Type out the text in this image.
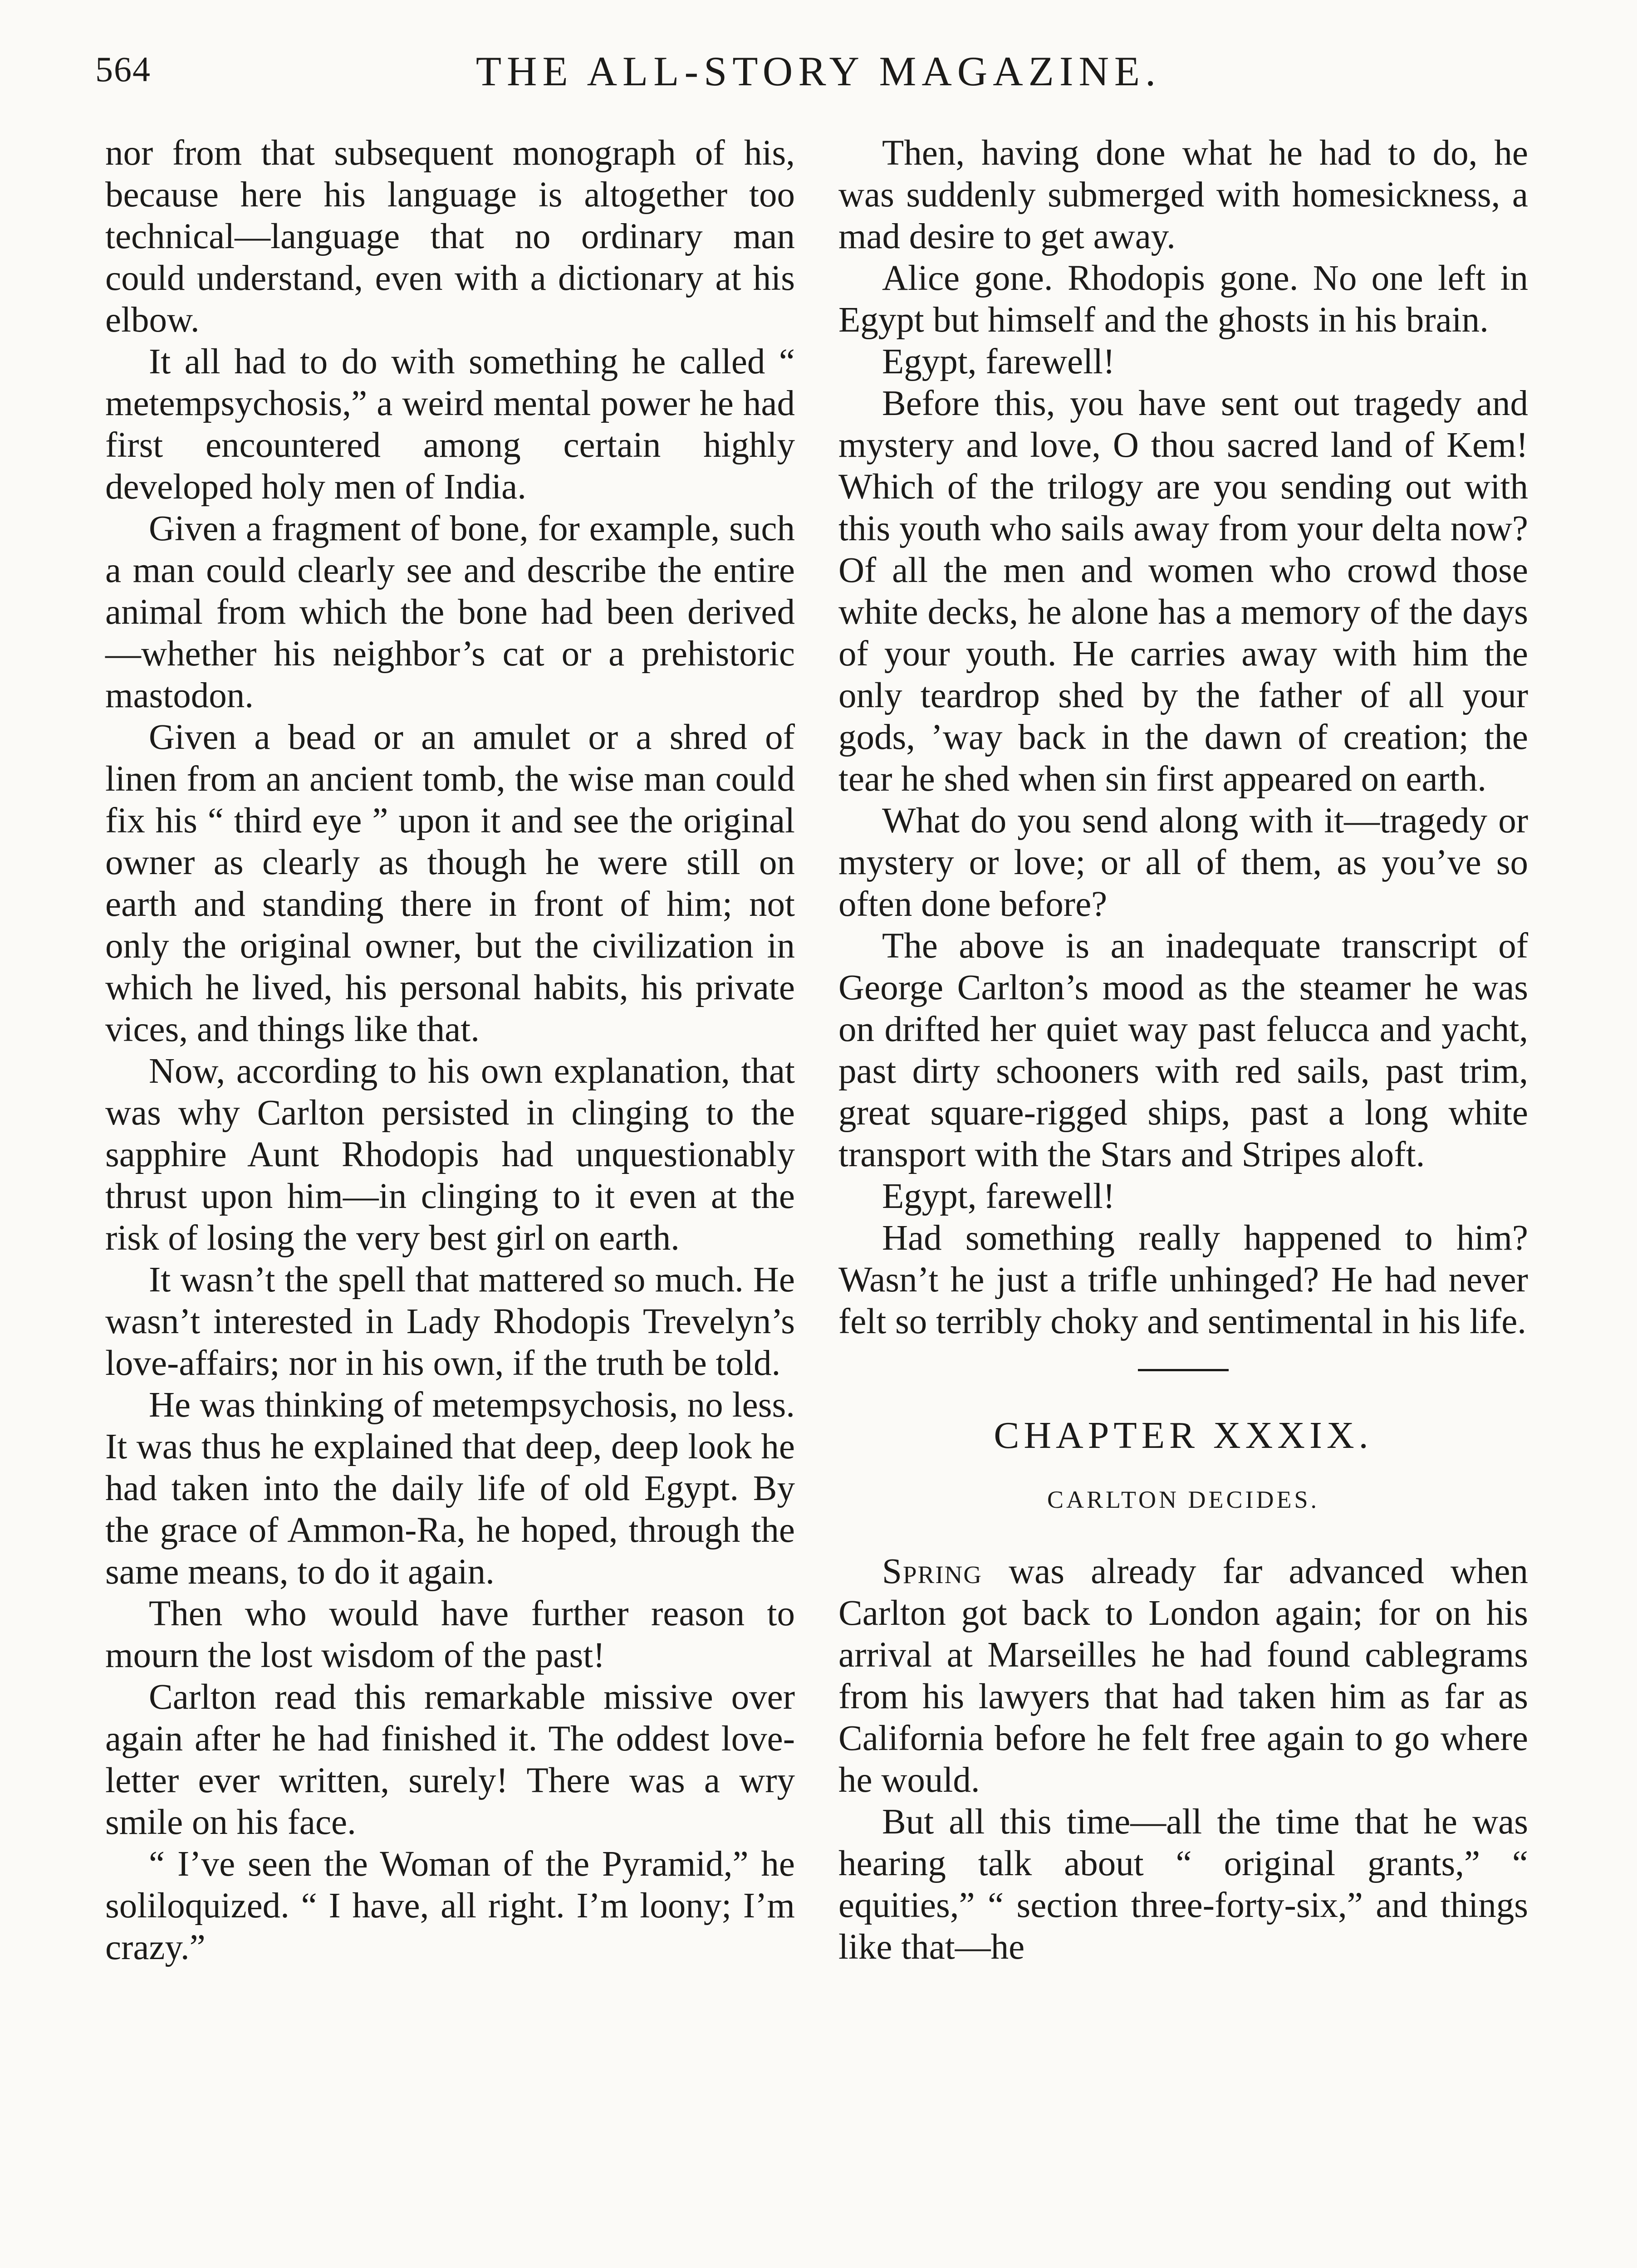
564	THE ALL-STORY MAGAZINE.

nor from that subsequent monograph of his, because here his language is altogether too technical—language that no ordinary man could understand, even with a dictionary at his elbow.

It all had to do with something he called “ metempsychosis,” a weird mental power he had first encountered among certain highly developed holy men of India.

Given a fragment of bone, for example, such a man could clearly see and describe the entire animal from which the bone had been derived—whether his neighbor’s cat or a prehistoric mastodon.

Given a bead or an amulet or a shred of linen from an ancient tomb, the wise man could fix his “ third eye ” upon it and see the original owner as clearly as though he were still on earth and standing there in front of him; not only the original owner, but the civilization in which he lived, his personal habits, his private vices, and things like that.

Now, according to his own explanation, that was why Carlton persisted in clinging to the sapphire Aunt Rhodopis had unquestionably thrust upon him—in clinging to it even at the risk of losing the very best girl on earth.

It wasn’t the spell that mattered so much. He wasn’t interested in Lady Rhodopis Trevelyn’s love-affairs; nor in his own, if the truth be told.

He was thinking of metempsychosis, no less. It was thus he explained that deep, deep look he had taken into the daily life of old Egypt. By the grace of Ammon-Ra, he hoped, through the same means, to do it again.

Then who would have further reason to mourn the lost wisdom of the past!

Carlton read this remarkable missive over again after he had finished it. The oddest love-letter ever written, surely! There was a wry smile on his face.

“ I’ve seen the Woman of the Pyramid,” he soliloquized. “ I have, all right. I’m loony; I’m crazy.”

Then, having done what he had to do, he was suddenly submerged with homesickness, a mad desire to get away.

Alice gone. Rhodopis gone. No one left in Egypt but himself and the ghosts in his brain.

Egypt, farewell!

Before this, you have sent out tragedy and mystery and love, O thou sacred land of Kem! Which of the trilogy are you sending out with this youth who sails away from your delta now? Of all the men and women who crowd those white decks, he alone has a memory of the days of your youth. He carries away with him the only teardrop shed by the father of all your gods, ’way back in the dawn of creation; the tear he shed when sin first appeared on earth.

What do you send along with it—tragedy or mystery or love; or all of them, as you’ve so often done before?

The above is an inadequate transcript of George Carlton’s mood as the steamer he was on drifted her quiet way past felucca and yacht, past dirty schooners with red sails, past trim, great square-rigged ships, past a long white transport with the Stars and Stripes aloft.

Egypt, farewell!

Had something really happened to him? Wasn’t he just a trifle unhinged? He had never felt so terribly choky and sentimental in his life.

CHAPTER XXXIX.
CARLTON DECIDES.

Spring was already far advanced when Carlton got back to London again; for on his arrival at Marseilles he had found cablegrams from his lawyers that had taken him as far as California before he felt free again to go where he would.

But all this time—all the time that he was hearing talk about “ original grants,” “ equities,” “ section three-forty-six,” and things like that—he
